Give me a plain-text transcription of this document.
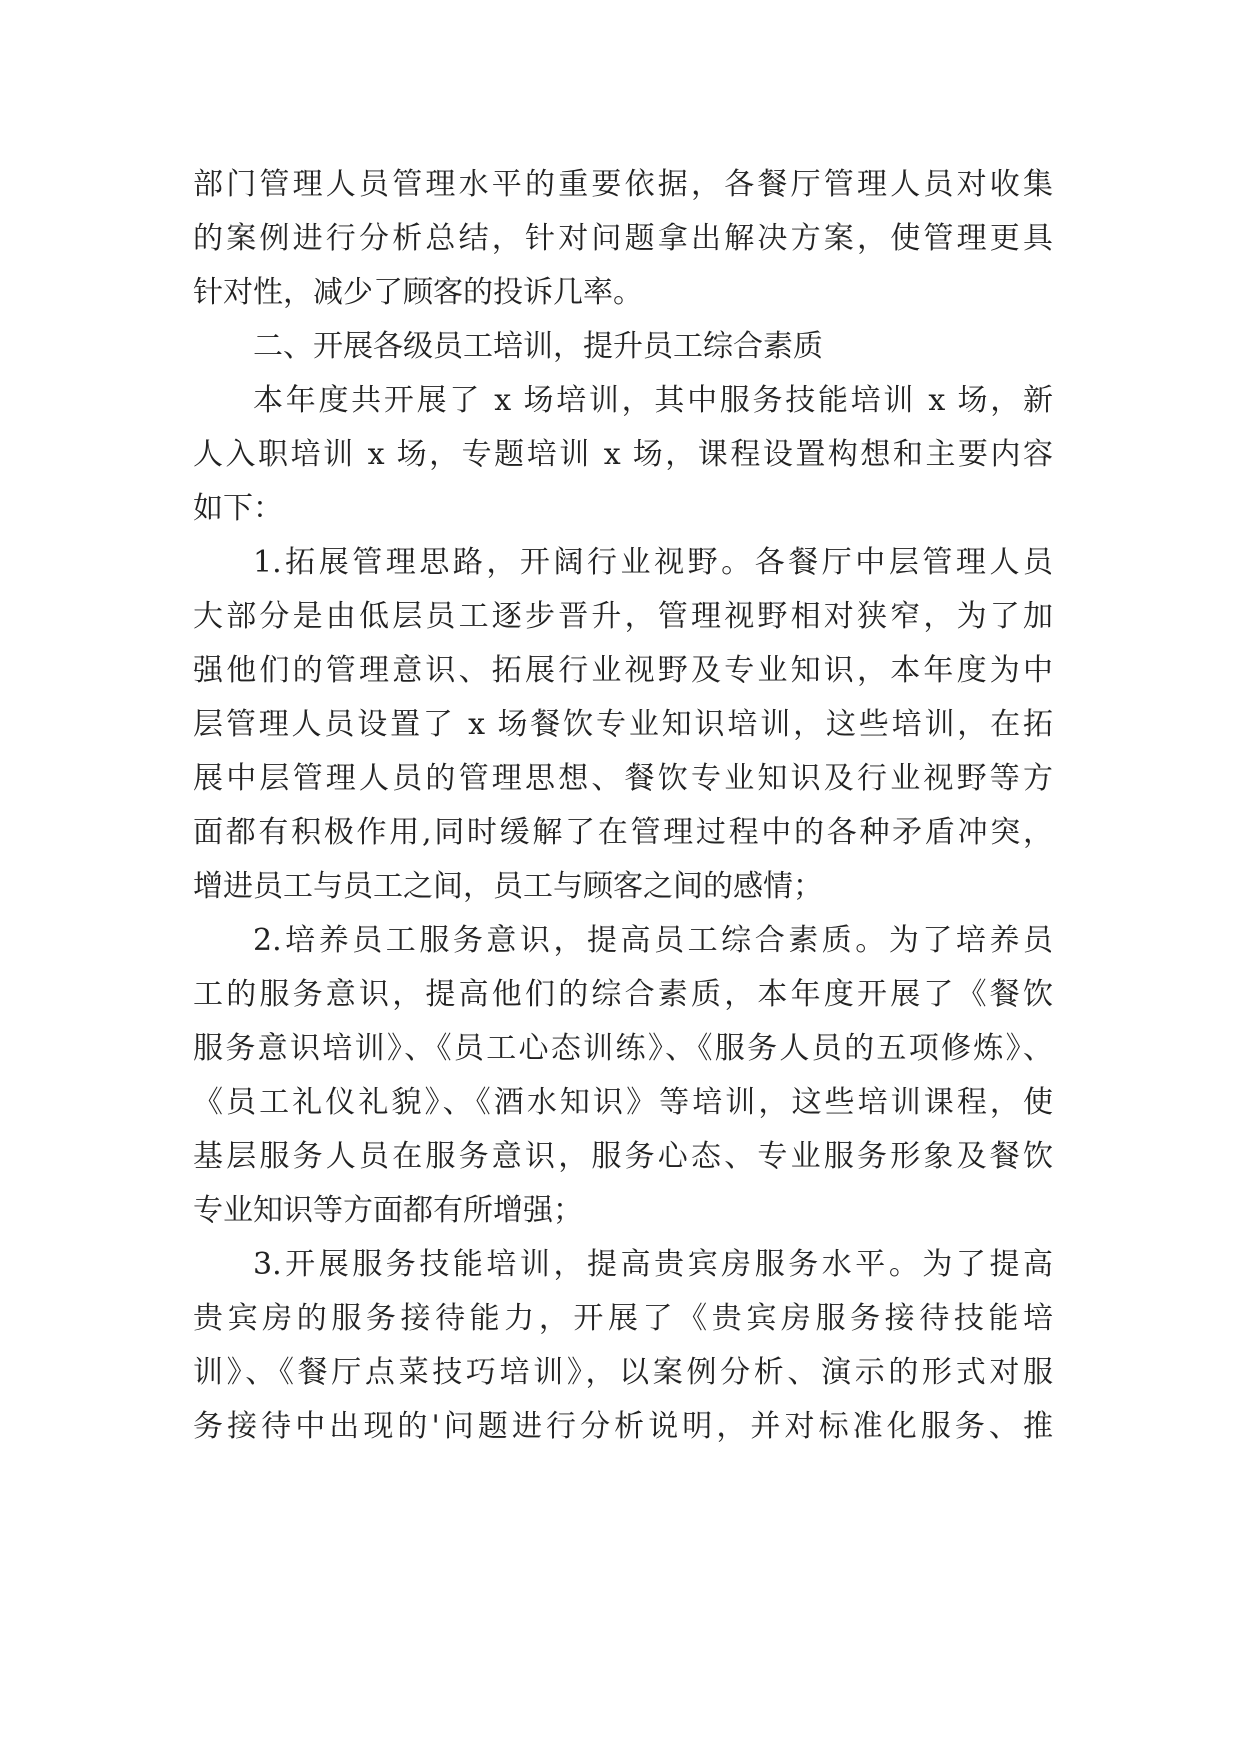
部门管理人员管理水平的重要依据，各餐厅管理人员对收集
的案例进行分析总结，针对问题拿出解决方案，使管理更具
针对性，减少了顾客的投诉几率。
二、开展各级员工培训，提升员工综合素质
本年度共开展了 x 场培训，其中服务技能培训 x 场，新
人入职培训 x 场，专题培训 x 场，课程设置构想和主要内容
如下：
1.拓展管理思路，开阔行业视野。各餐厅中层管理人员
大部分是由低层员工逐步晋升，管理视野相对狭窄，为了加
强他们的管理意识、拓展行业视野及专业知识，本年度为中
层管理人员设置了 x 场餐饮专业知识培训，这些培训，在拓
展中层管理人员的管理思想、餐饮专业知识及行业视野等方
面都有积极作用,同时缓解了在管理过程中的各种矛盾冲突，
增进员工与员工之间，员工与顾客之间的感情；
2.培养员工服务意识，提高员工综合素质。为了培养员
工的服务意识，提高他们的综合素质，本年度开展了《餐饮
服务意识培训》、《员工心态训练》、《服务人员的五项修炼》、
《员工礼仪礼貌》、《酒水知识》等培训，这些培训课程，使
基层服务人员在服务意识，服务心态、专业服务形象及餐饮
专业知识等方面都有所增强；
3.开展服务技能培训，提高贵宾房服务水平。为了提高
贵宾房的服务接待能力，开展了《贵宾房服务接待技能培
训》、《餐厅点菜技巧培训》，以案例分析、演示的形式对服
务接待中出现的'问题进行分析说明，并对标准化服务、推
